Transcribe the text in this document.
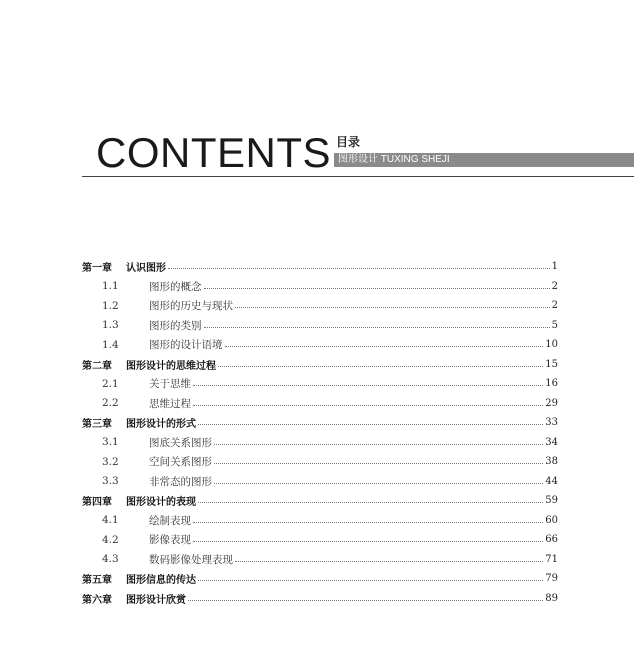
CONTENTS 目录
图形设计 TUXING SHEJI
第一章	认识图形	1
1.1	图形的概念	2
1.2	图形的历史与现状	2
1.3	图形的类别	5
1.4	图形的设计语境	10
第二章	图形设计的思维过程	15
2.1	关于思维	16
2.2	思维过程	29
第三章	图形设计的形式	33
3.1	图底关系图形	34
3.2	空间关系图形	38
3.3	非常态的图形	44
第四章	图形设计的表现	59
4.1	绘制表现	60
4.2	影像表现	66
4.3	数码影像处理表现	71
第五章	图形信息的传达	79
第六章	图形设计欣赏	89
